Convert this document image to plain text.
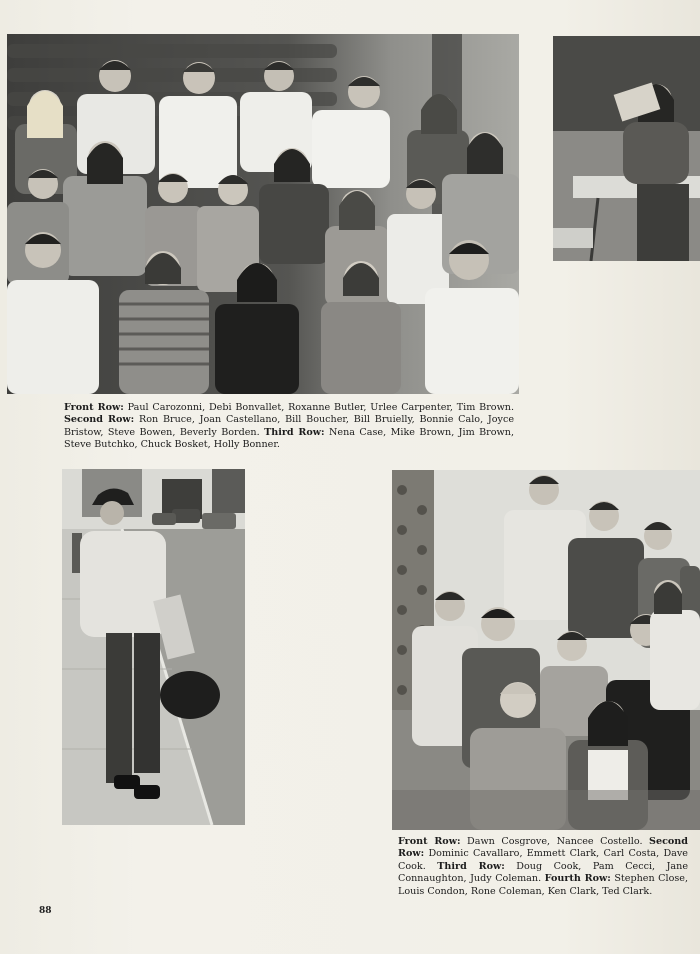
Front Row: Paul Carozonni, Debi Bonvallet, Roxanne Butler, Urlee Carpenter, Tim Brown. Second Row: Ron Bruce, Joan Castellano, Bill Boucher, Bill Bruielly, Bonnie Calo, Joyce Bristow, Steve Bowen, Beverly Borden. Third Row: Nena Case, Mike Brown, Jim Brown, Steve Butchko, Chuck Bosket, Holly Bonner.
Front Row: Dawn Cosgrove, Nancee Costello. Second Row: Dominic Cavallaro, Emmett Clark, Carl Costa, Dave Cook. Third Row: Doug Cook, Pam Cecci, Jane Connaughton, Judy Coleman. Fourth Row: Stephen Close, Louis Condon, Rone Coleman, Ken Clark, Ted Clark.
88
